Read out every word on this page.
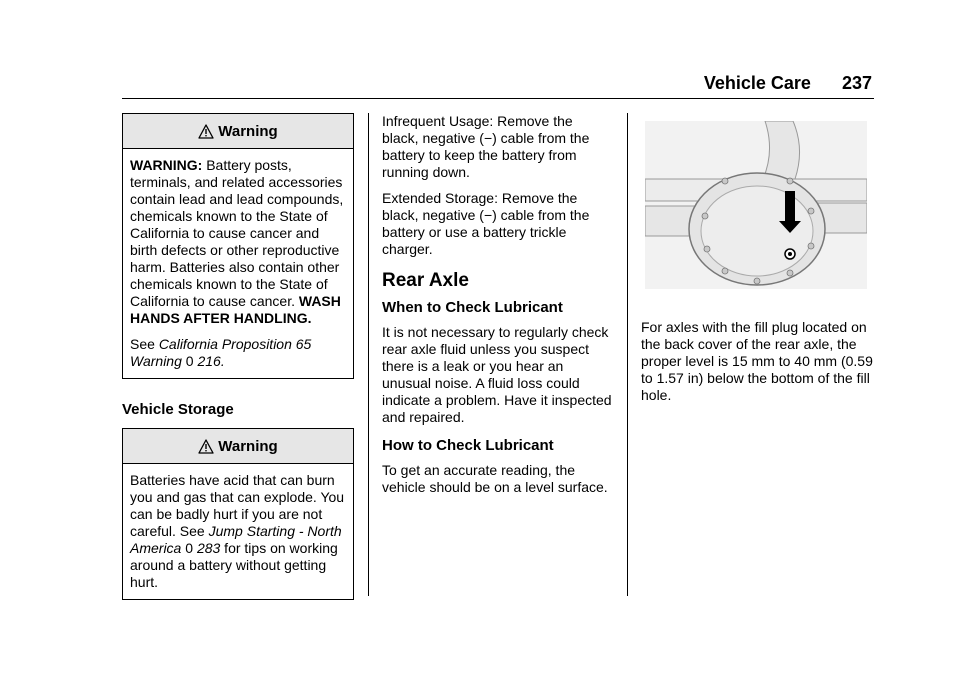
Vehicle Care 237
Warning

WARNING: Battery posts, terminals, and related accessories contain lead and lead compounds, chemicals known to the State of California to cause cancer and birth defects or other reproductive harm. Batteries also contain other chemicals known to the State of California to cause cancer. WASH HANDS AFTER HANDLING.

See California Proposition 65 Warning 0 216.

Vehicle Storage
Warning

Batteries have acid that can burn you and gas that can explode. You can be badly hurt if you are not careful. See Jump Starting - North America 0 283 for tips on working around a battery without getting hurt.

Infrequent Usage: Remove the black, negative (−) cable from the battery to keep the battery from running down.

Extended Storage: Remove the black, negative (−) cable from the battery or use a battery trickle charger.

Rear Axle
When to Check Lubricant

It is not necessary to regularly check rear axle fluid unless you suspect there is a leak or you hear an unusual noise. A fluid loss could indicate a problem. Have it inspected and repaired.

How to Check Lubricant

To get an accurate reading, the vehicle should be on a level surface.

For axles with the fill plug located on the back cover of the rear axle, the proper level is 15 mm to 40 mm (0.59 to 1.57 in) below the bottom of the fill hole.
